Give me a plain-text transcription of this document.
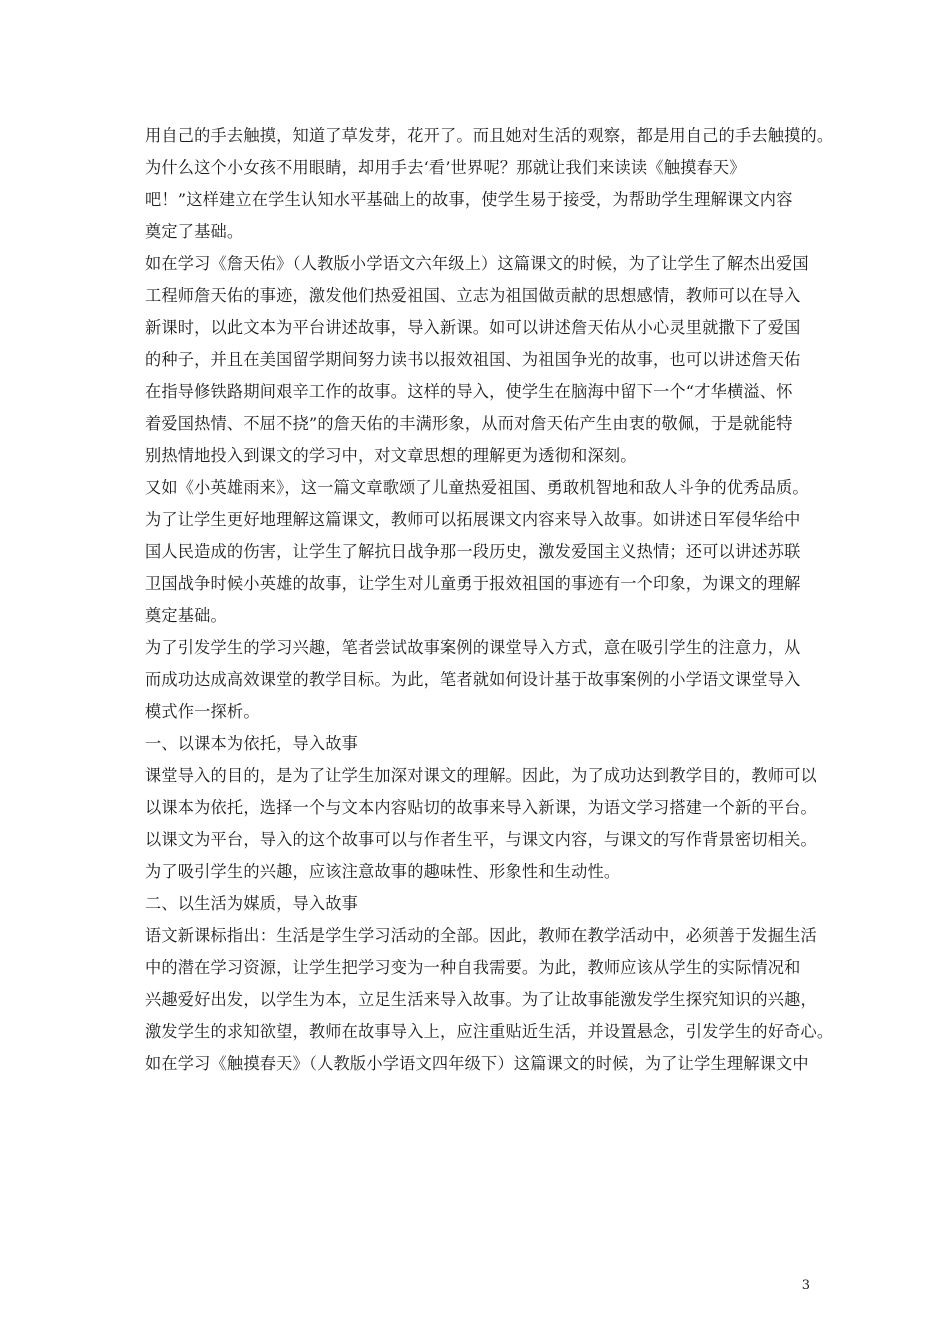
用自己的手去触摸，知道了草发芽，花开了。而且她对生活的观察，都是用自己的手去触摸的。
为什么这个小女孩不用眼睛，却用手去‘看’世界呢？那就让我们来读读《触摸春天》
吧！”这样建立在学生认知水平基础上的故事，使学生易于接受，为帮助学生理解课文内容
奠定了基础。
如在学习《詹天佑》（人教版小学语文六年级上）这篇课文的时候，为了让学生了解杰出爱国
工程师詹天佑的事迹，激发他们热爱祖国、立志为祖国做贡献的思想感情，教师可以在导入
新课时，以此文本为平台讲述故事，导入新课。如可以讲述詹天佑从小心灵里就撒下了爱国
的种子，并且在美国留学期间努力读书以报效祖国、为祖国争光的故事，也可以讲述詹天佑
在指导修铁路期间艰辛工作的故事。这样的导入，使学生在脑海中留下一个“才华横溢、怀
着爱国热情、不屈不挠”的詹天佑的丰满形象，从而对詹天佑产生由衷的敬佩，于是就能特
别热情地投入到课文的学习中，对文章思想的理解更为透彻和深刻。
又如《小英雄雨来》，这一篇文章歌颂了儿童热爱祖国、勇敢机智地和敌人斗争的优秀品质。
为了让学生更好地理解这篇课文，教师可以拓展课文内容来导入故事。如讲述日军侵华给中
国人民造成的伤害，让学生了解抗日战争那一段历史，激发爱国主义热情；还可以讲述苏联
卫国战争时候小英雄的故事，让学生对儿童勇于报效祖国的事迹有一个印象，为课文的理解
奠定基础。
为了引发学生的学习兴趣，笔者尝试故事案例的课堂导入方式，意在吸引学生的注意力，从
而成功达成高效课堂的教学目标。为此，笔者就如何设计基于故事案例的小学语文课堂导入
模式作一探析。
一、以课本为依托，导入故事
课堂导入的目的，是为了让学生加深对课文的理解。因此，为了成功达到教学目的，教师可以
以课本为依托，选择一个与文本内容贴切的故事来导入新课，为语文学习搭建一个新的平台。
以课文为平台，导入的这个故事可以与作者生平，与课文内容，与课文的写作背景密切相关。
为了吸引学生的兴趣，应该注意故事的趣味性、形象性和生动性。
二、以生活为媒质，导入故事
语文新课标指出：生活是学生学习活动的全部。因此，教师在教学活动中，必须善于发掘生活
中的潜在学习资源，让学生把学习变为一种自我需要。为此，教师应该从学生的实际情况和
兴趣爱好出发，以学生为本，立足生活来导入故事。为了让故事能激发学生探究知识的兴趣，
激发学生的求知欲望，教师在故事导入上，应注重贴近生活，并设置悬念，引发学生的好奇心。
如在学习《触摸春天》（人教版小学语文四年级下）这篇课文的时候，为了让学生理解课文中
3
